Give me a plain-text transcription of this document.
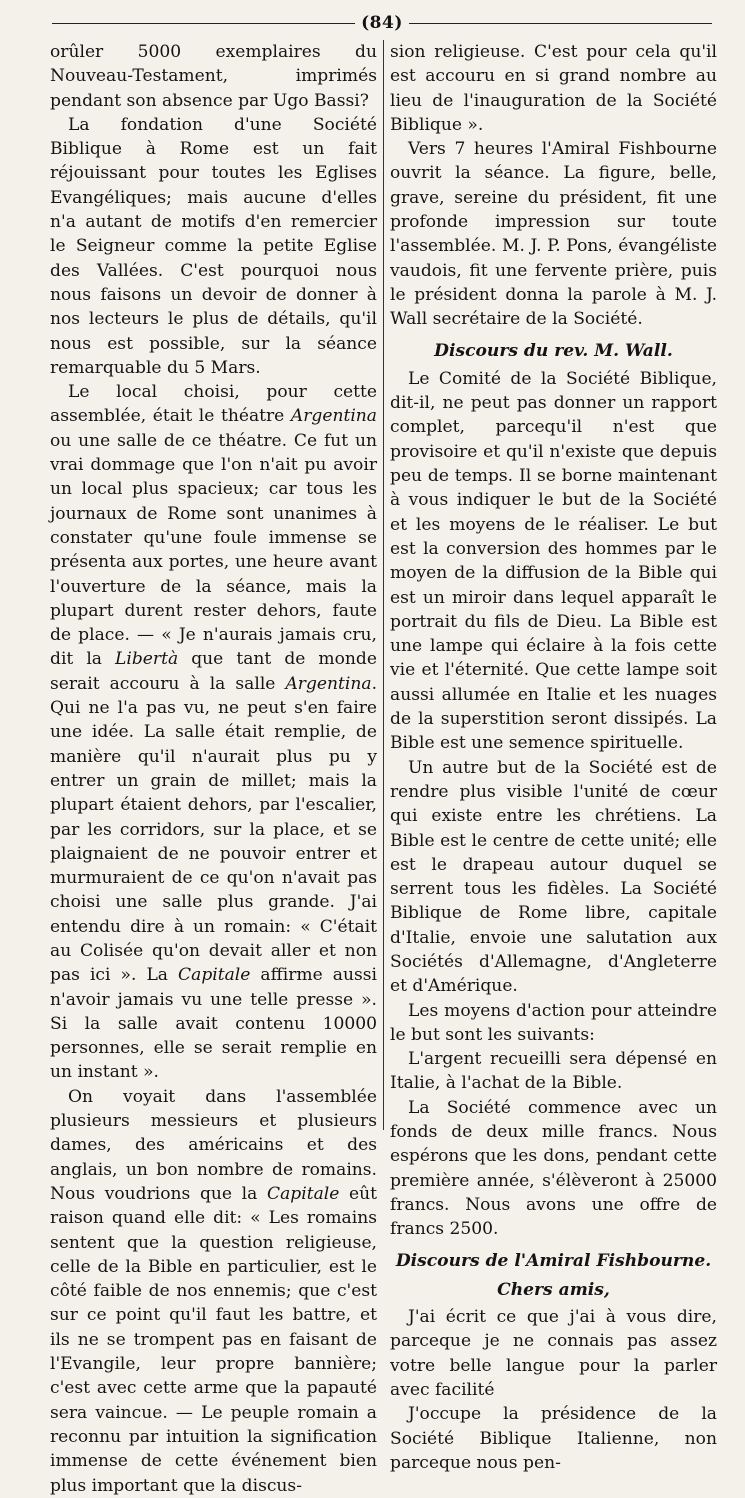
(84)

orûler 5000 exemplaires du Nouveau-Testament, imprimés pendant son absence par Ugo Bassi?

La fondation d'une Société Biblique à Rome est un fait réjouissant pour toutes les Eglises Evangéliques; mais aucune d'elles n'a autant de motifs d'en remercier le Seigneur comme la petite Eglise des Vallées. C'est pourquoi nous nous faisons un devoir de donner à nos lecteurs le plus de détails, qu'il nous est possible, sur la séance remarquable du 5 Mars.

Le local choisi, pour cette assemblée, était le théatre Argentina ou une salle de ce théatre. Ce fut un vrai dommage que l'on n'ait pu avoir un local plus spacieux; car tous les journaux de Rome sont unanimes à constater qu'une foule immense se présenta aux portes, une heure avant l'ouverture de la séance, mais la plupart durent rester dehors, faute de place. — « Je n'aurais jamais cru, dit la Libertà que tant de monde serait accouru à la salle Argentina. Qui ne l'a pas vu, ne peut s'en faire une idée. La salle était remplie, de manière qu'il n'aurait plus pu y entrer un grain de millet; mais la plupart étaient dehors, par l'escalier, par les corridors, sur la place, et se plaignaient de ne pouvoir entrer et murmuraient de ce qu'on n'avait pas choisi une salle plus grande. J'ai entendu dire à un romain: « C'était au Colisée qu'on devait aller et non pas ici ». La Capitale affirme aussi n'avoir jamais vu une telle presse ». Si la salle avait contenu 10000 personnes, elle se serait remplie en un instant ».

On voyait dans l'assemblée plusieurs messieurs et plusieurs dames, des américains et des anglais, un bon nombre de romains. Nous voudrions que la Capitale eût raison quand elle dit: « Les romains sentent que la question religieuse, celle de la Bible en particulier, est le côté faible de nos ennemis; que c'est sur ce point qu'il faut les battre, et ils ne se trompent pas en faisant de l'Evangile, leur propre bannière; c'est avec cette arme que la papauté sera vaincue. — Le peuple romain a reconnu par intuition la signification immense de cette événement bien plus important que la discus-

sion religieuse. C'est pour cela qu'il est accouru en si grand nombre au lieu de l'inauguration de la Société Biblique ».

Vers 7 heures l'Amiral Fishbourne ouvrit la séance. La figure, belle, grave, sereine du président, fit une profonde impression sur toute l'assemblée. M. J. P. Pons, évangéliste vaudois, fit une fervente prière, puis le président donna la parole à M. J. Wall secrétaire de la Société.

Discours du rev. M. Wall.

Le Comité de la Société Biblique, dit-il, ne peut pas donner un rapport complet, parcequ'il n'est que provisoire et qu'il n'existe que depuis peu de temps. Il se borne maintenant à vous indiquer le but de la Société et les moyens de le réaliser. Le but est la conversion des hommes par le moyen de la diffusion de la Bible qui est un miroir dans lequel apparaît le portrait du fils de Dieu. La Bible est une lampe qui éclaire à la fois cette vie et l'éternité. Que cette lampe soit aussi allumée en Italie et les nuages de la superstition seront dissipés. La Bible est une semence spirituelle.

Un autre but de la Société est de rendre plus visible l'unité de cœur qui existe entre les chrétiens. La Bible est le centre de cette unité; elle est le drapeau autour duquel se serrent tous les fidèles. La Société Biblique de Rome libre, capitale d'Italie, envoie une salutation aux Sociétés d'Allemagne, d'Angleterre et d'Amérique.

Les moyens d'action pour atteindre le but sont les suivants:

L'argent recueilli sera dépensé en Italie, à l'achat de la Bible.

La Société commence avec un fonds de deux mille francs. Nous espérons que les dons, pendant cette première année, s'élèveront à 25000 francs. Nous avons une offre de francs 2500.

Discours de l'Amiral Fishbourne.

Chers amis,

J'ai écrit ce que j'ai à vous dire, parceque je ne connais pas assez votre belle langue pour la parler avec facilité

J'occupe la présidence de la Société Biblique Italienne, non parceque nous pen-
